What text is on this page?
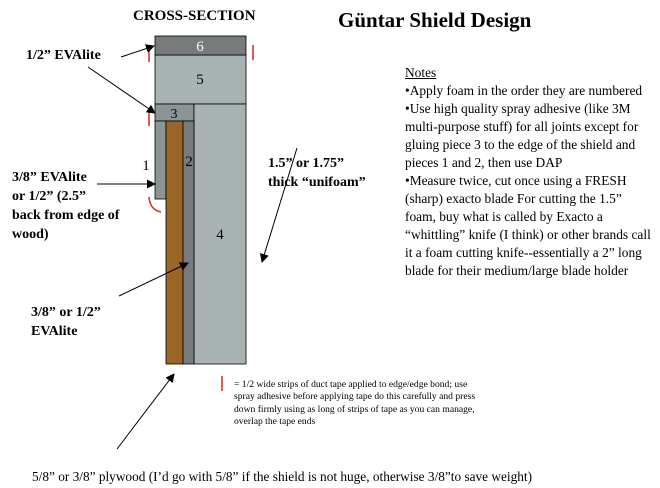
CROSS-SECTION	Güntar Shield Design
6
5
3
1 2
4
1/2” EVAlite
3/8” EVAlite
or 1/2” (2.5”
back from edge of
wood)
1.5” or 1.75”
thick “unifoam”
3/8” or 1/2”
EVAlite
Notes
•Apply foam in the order they are numbered
•Use high quality spray adhesive (like 3M multi-purpose stuff) for all joints except for gluing piece 3 to the edge of the shield and pieces 1 and 2, then use DAP
•Measure twice, cut once using a FRESH (sharp) exacto blade For cutting the 1.5” foam, buy what is called by Exacto a “whittling” knife (I think) or other brands call it a foam cutting knife--essentially a 2” long blade for their medium/large blade holder
= 1/2 wide strips of duct tape applied to edge/edge bond; use spray adhesive before applying tape do this carefully and press down firmly using as long of strips of tape as you can manage, overlap the tape ends
5/8” or 3/8” plywood (I’d go with 5/8” if the shield is not huge, otherwise 3/8”to save weight)
